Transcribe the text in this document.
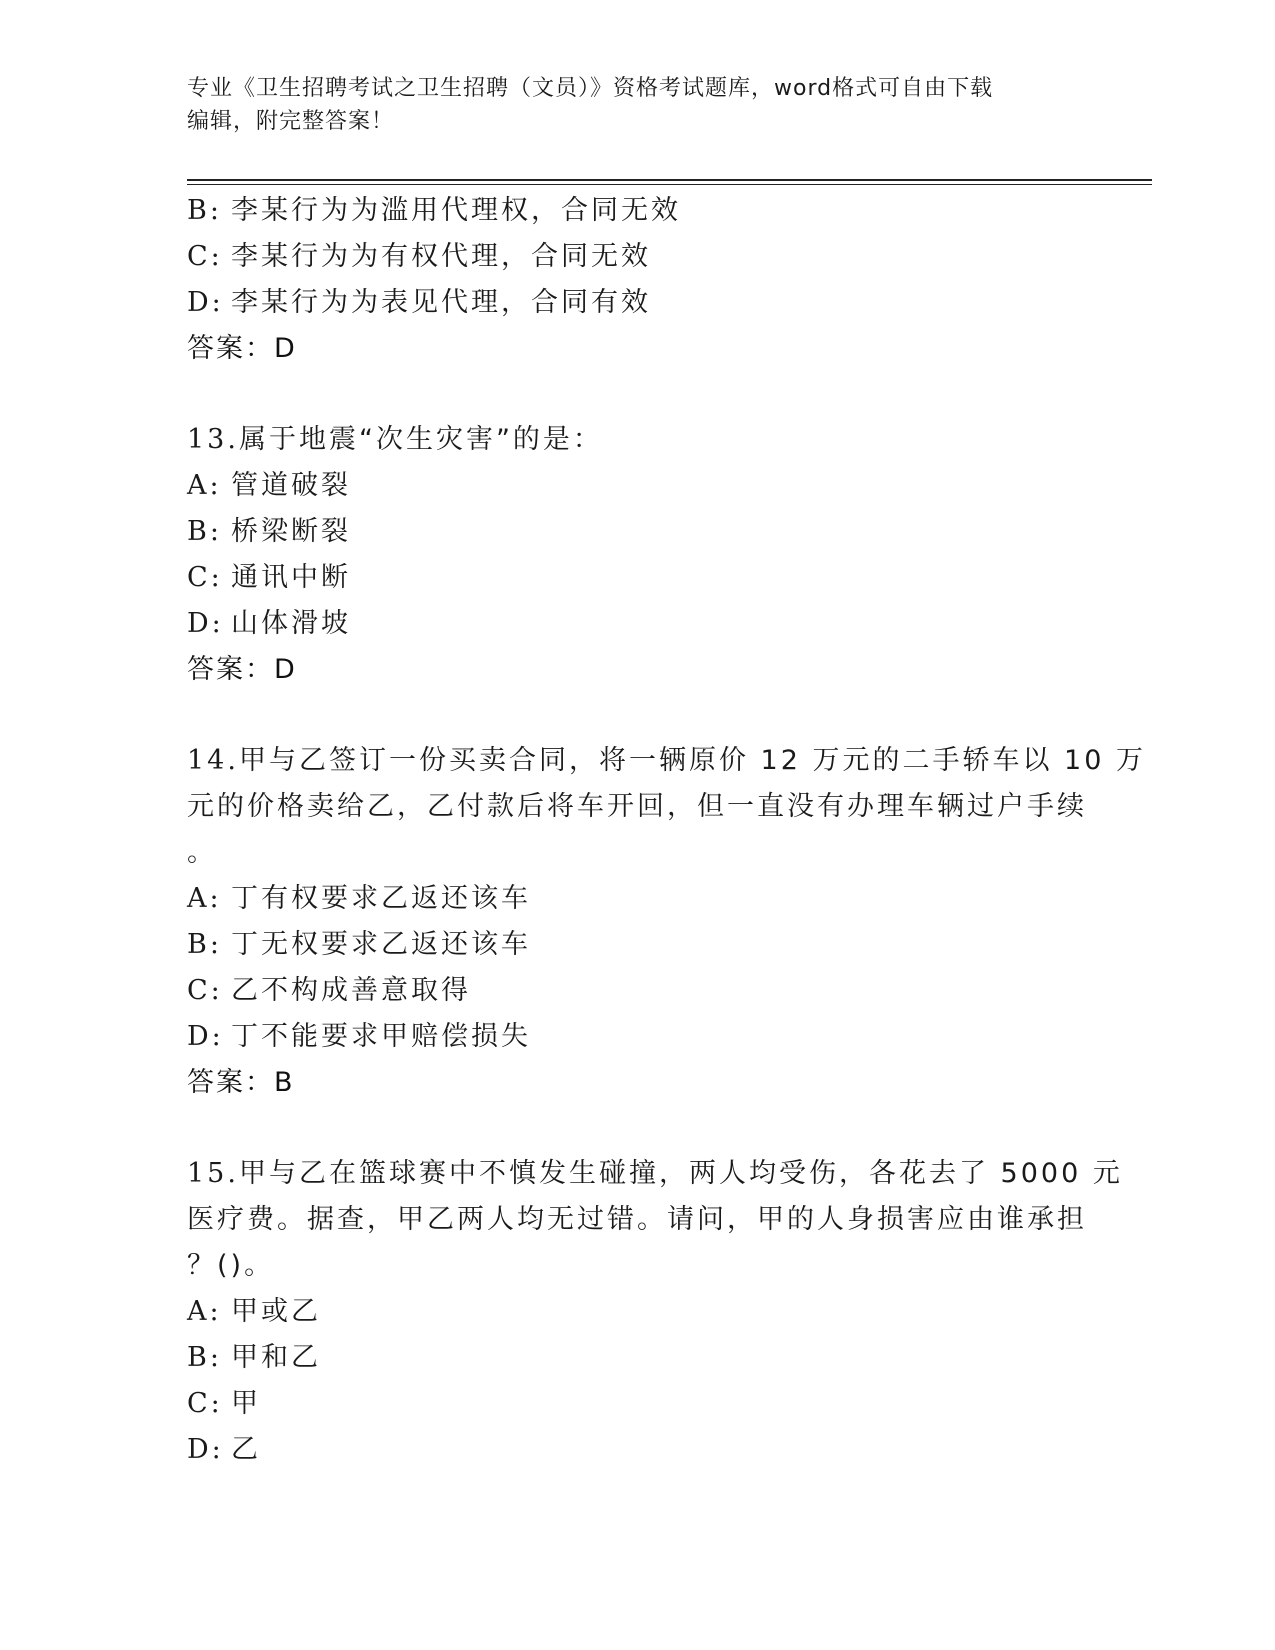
专业《卫生招聘考试之卫生招聘（文员）》资格考试题库，word格式可自由下载
编辑，附完整答案！
B: 李某行为为滥用代理权，合同无效
C: 李某行为为有权代理，合同无效
D: 李某行为为表见代理，合同有效
答案：D
13.属于地震“次生灾害”的是：
A: 管道破裂
B: 桥梁断裂
C: 通讯中断
D: 山体滑坡
答案：D
14.甲与乙签订一份买卖合同，将一辆原价 12 万元的二手轿车以 10 万
元的价格卖给乙，乙付款后将车开回，但一直没有办理车辆过户手续
。
A: 丁有权要求乙返还该车
B: 丁无权要求乙返还该车
C: 乙不构成善意取得
D: 丁不能要求甲赔偿损失
答案：B
15.甲与乙在篮球赛中不慎发生碰撞，两人均受伤，各花去了 5000 元
医疗费。据查，甲乙两人均无过错。请问，甲的人身损害应由谁承担
？()。
A: 甲或乙
B: 甲和乙
C: 甲
D: 乙
